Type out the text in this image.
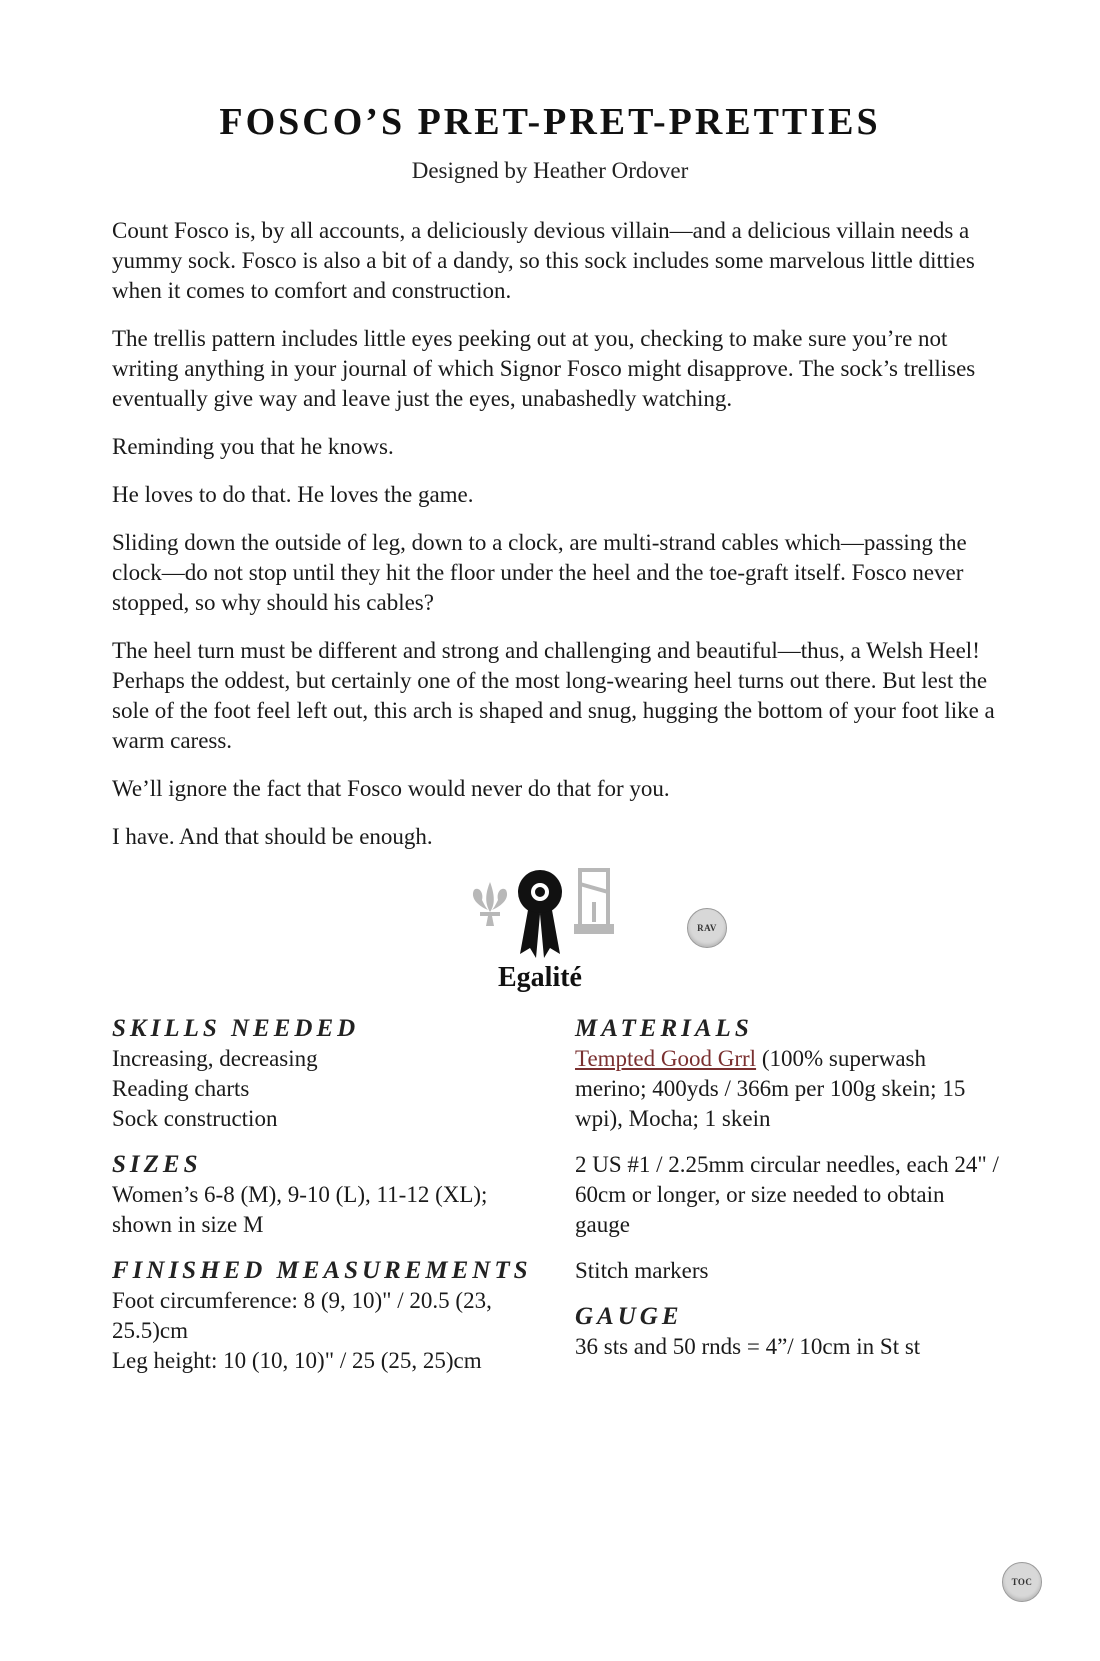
FOSCO’S PRET-PRET-PRETTIES

Designed by Heather Ordover

Count Fosco is, by all accounts, a deliciously devious villain—and a delicious villain needs a yummy sock. Fosco is also a bit of a dandy, so this sock includes some marvelous little ditties when it comes to comfort and construction.

The trellis pattern includes little eyes peeking out at you, checking to make sure you’re not writing anything in your journal of which Signor Fosco might disapprove. The sock’s trellises eventually give way and leave just the eyes, unabashedly watching.

Reminding you that he knows.

He loves to do that. He loves the game.

Sliding down the outside of leg, down to a clock, are multi-strand cables which—passing the clock—do not stop until they hit the floor under the heel and the toe-graft itself. Fosco never stopped, so why should his cables?

The heel turn must be different and strong and challenging and beautiful—thus, a Welsh Heel! Perhaps the oddest, but certainly one of the most long-wearing heel turns out there. But lest the sole of the foot feel left out, this arch is shaped and snug, hugging the bottom of your foot like a warm caress.

We’ll ignore the fact that Fosco would never do that for you.

I have. And that should be enough.

Egalité
RAV
SKILLS NEEDED
Increasing, decreasing
Reading charts
Sock construction
SIZES
Women’s 6-8 (M), 9-10 (L), 11-12 (XL); shown in size M
FINISHED MEASUREMENTS
Foot circumference: 8 (9, 10)" / 20.5 (23, 25.5)cm
Leg height: 10 (10, 10)" / 25 (25, 25)cm
MATERIALS
Tempted Good Grrl (100% superwash merino; 400yds / 366m per 100g skein; 15 wpi), Mocha; 1 skein
2 US #1 / 2.25mm circular needles, each 24" / 60cm or longer, or size needed to obtain gauge
Stitch markers
GAUGE
36 sts and 50 rnds = 4”/ 10cm in St st
TOC
